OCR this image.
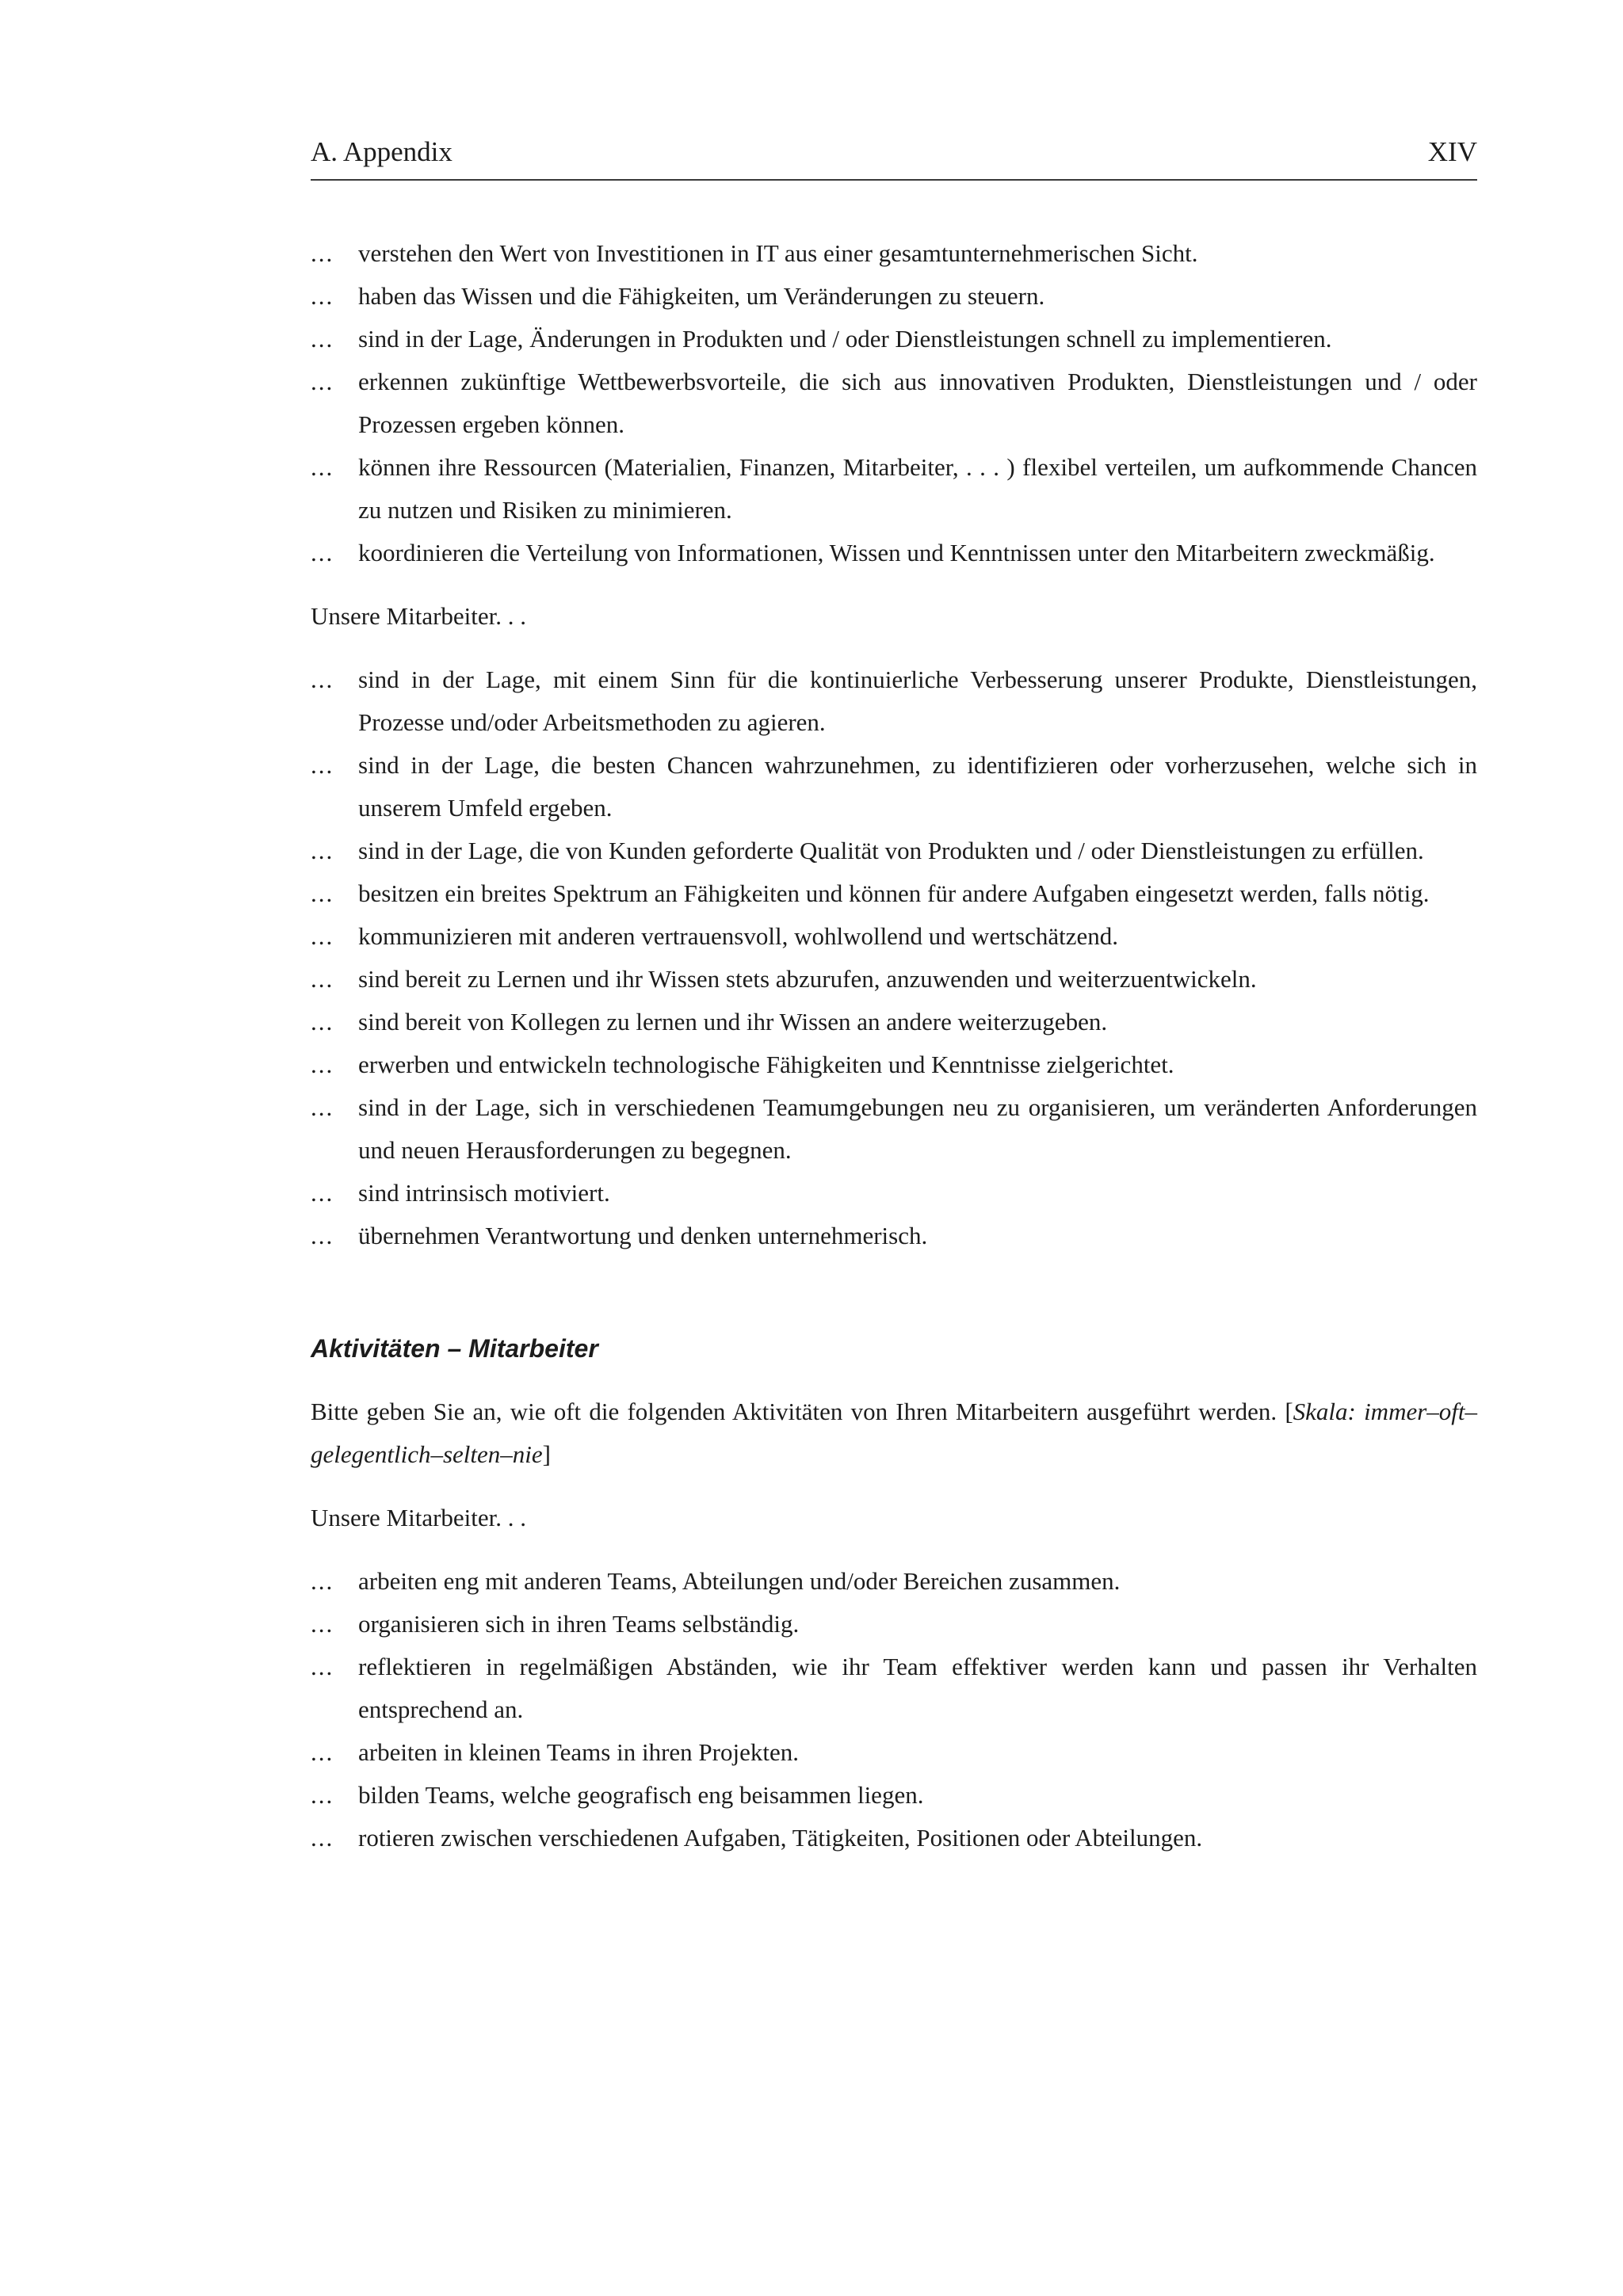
A. Appendix	XIV
... verstehen den Wert von Investitionen in IT aus einer gesamtunternehmerischen Sicht.
... haben das Wissen und die Fähigkeiten, um Veränderungen zu steuern.
... sind in der Lage, Änderungen in Produkten und / oder Dienstleistungen schnell zu implementieren.
... erkennen zukünftige Wettbewerbsvorteile, die sich aus innovativen Produkten, Dienstleistungen und / oder Prozessen ergeben können.
... können ihre Ressourcen (Materialien, Finanzen, Mitarbeiter, . . . ) flexibel verteilen, um aufkommende Chancen zu nutzen und Risiken zu minimieren.
... koordinieren die Verteilung von Informationen, Wissen und Kenntnissen unter den Mitarbeitern zweckmäßig.
Unsere Mitarbeiter. . .
... sind in der Lage, mit einem Sinn für die kontinuierliche Verbesserung unserer Produkte, Dienstleistungen, Prozesse und/oder Arbeitsmethoden zu agieren.
... sind in der Lage, die besten Chancen wahrzunehmen, zu identifizieren oder vorherzusehen, welche sich in unserem Umfeld ergeben.
... sind in der Lage, die von Kunden geforderte Qualität von Produkten und / oder Dienstleistungen zu erfüllen.
... besitzen ein breites Spektrum an Fähigkeiten und können für andere Aufgaben eingesetzt werden, falls nötig.
... kommunizieren mit anderen vertrauensvoll, wohlwollend und wertschätzend.
... sind bereit zu Lernen und ihr Wissen stets abzurufen, anzuwenden und weiterzuentwickeln.
... sind bereit von Kollegen zu lernen und ihr Wissen an andere weiterzugeben.
... erwerben und entwickeln technologische Fähigkeiten und Kenntnisse zielgerichtet.
... sind in der Lage, sich in verschiedenen Teamumgebungen neu zu organisieren, um veränderten Anforderungen und neuen Herausforderungen zu begegnen.
... sind intrinsisch motiviert.
... übernehmen Verantwortung und denken unternehmerisch.
Aktivitäten – Mitarbeiter
Bitte geben Sie an, wie oft die folgenden Aktivitäten von Ihren Mitarbeitern ausgeführt werden. [Skala: immer–oft–gelegentlich–selten–nie]
Unsere Mitarbeiter. . .
... arbeiten eng mit anderen Teams, Abteilungen und/oder Bereichen zusammen.
... organisieren sich in ihren Teams selbständig.
... reflektieren in regelmäßigen Abständen, wie ihr Team effektiver werden kann und passen ihr Verhalten entsprechend an.
... arbeiten in kleinen Teams in ihren Projekten.
... bilden Teams, welche geografisch eng beisammen liegen.
... rotieren zwischen verschiedenen Aufgaben, Tätigkeiten, Positionen oder Abteilungen.
